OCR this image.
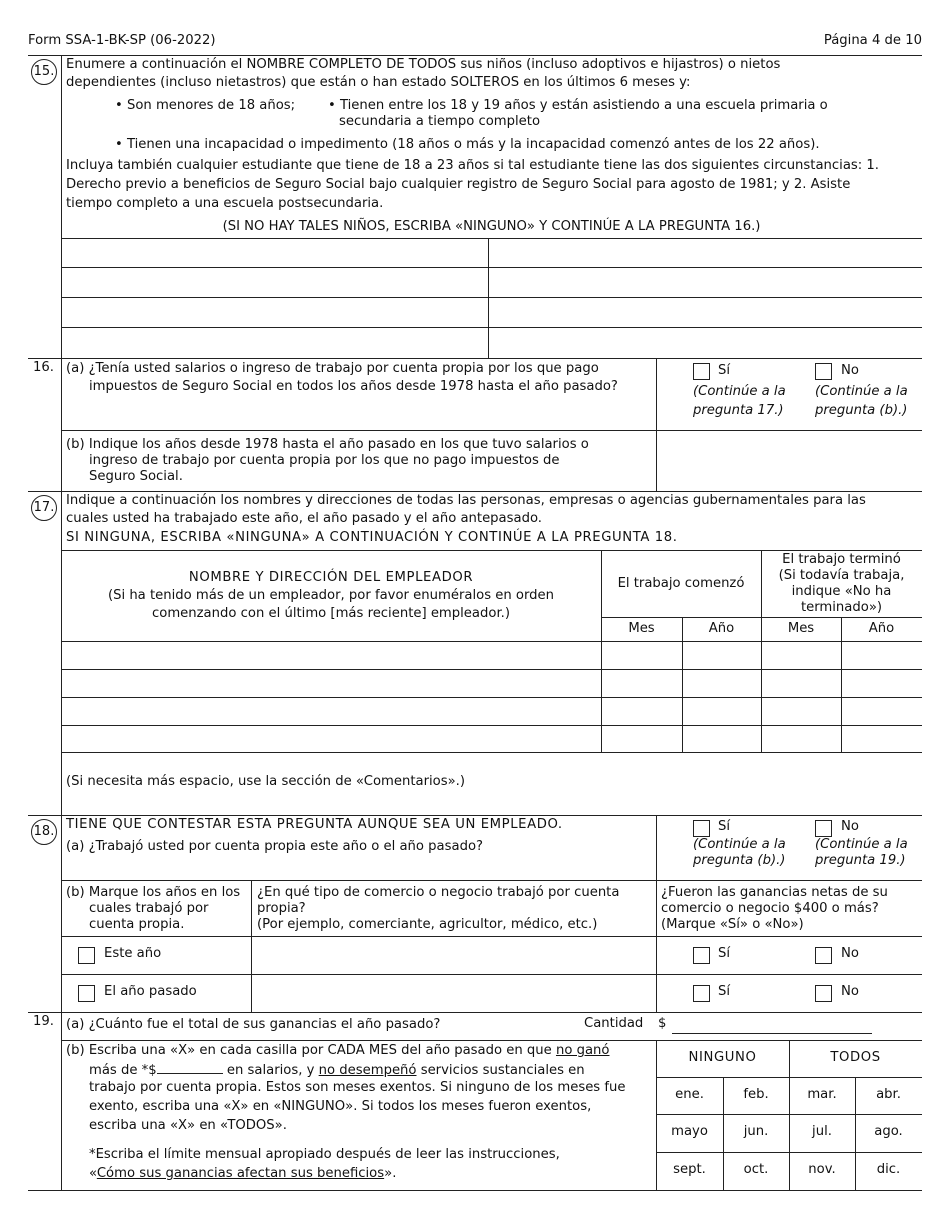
Form SSA-1-BK-SP (06-2022)	Página 4 de 10
15. Enumere a continuación el NOMBRE COMPLETO DE TODOS sus niños (incluso adoptivos e hijastros) o nietos
dependientes (incluso nietastros) que están o han estado SOLTEROS en los últimos 6 meses y:
• Son menores de 18 años; • Tienen entre los 18 y 19 años y están asistiendo a una escuela primaria o
secundaria a tiempo completo
• Tienen una incapacidad o impedimento (18 años o más y la incapacidad comenzó antes de los 22 años).
Incluya también cualquier estudiante que tiene de 18 a 23 años si tal estudiante tiene las dos siguientes circunstancias: 1.
Derecho previo a beneficios de Seguro Social bajo cualquier registro de Seguro Social para agosto de 1981; y 2. Asiste
tiempo completo a una escuela postsecundaria.
(SI NO HAY TALES NIÑOS, ESCRIBA «NINGUNO» Y CONTINÚE A LA PREGUNTA 16.)
16. (a) ¿Tenía usted salarios o ingreso de trabajo por cuenta propia por los que pago
impuestos de Seguro Social en todos los años desde 1978 hasta el año pasado?
Sí	No
(Continúe a la
pregunta 17.)
(Continúe a la
pregunta (b).)
(b) Indique los años desde 1978 hasta el año pasado en los que tuvo salarios o
ingreso de trabajo por cuenta propia por los que no pago impuestos de
Seguro Social.
17. Indique a continuación los nombres y direcciones de todas las personas, empresas o agencias gubernamentales para las
cuales usted ha trabajado este año, el año pasado y el año antepasado.
SI NINGUNA, ESCRIBA «NINGUNA» A CONTINUACIÓN Y CONTINÚE A LA PREGUNTA 18.
NOMBRE Y DIRECCIÓN DEL EMPLEADOR
(Si ha tenido más de un empleador, por favor enuméralos en orden
comenzando con el último [más reciente] empleador.)
El trabajo comenzó
El trabajo terminó
(Si todavía trabaja,
indique «No ha
terminado»)
Mes	Año	Mes	Año
(Si necesita más espacio, use la sección de «Comentarios».)
18. TIENE QUE CONTESTAR ESTA PREGUNTA AUNQUE SEA UN EMPLEADO.
(a) ¿Trabajó usted por cuenta propia este año o el año pasado?
Sí	No
(Continúe a la
pregunta (b).)
(Continúe a la
pregunta 19.)
(b) Marque los años en los
cuales trabajó por
cuenta propia.
¿En qué tipo de comercio o negocio trabajó por cuenta
propia?
(Por ejemplo, comerciante, agricultor, médico, etc.)
¿Fueron las ganancias netas de su
comercio o negocio $400 o más?
(Marque «Sí» o «No»)
Este año	Sí	No
El año pasado	Sí	No
19. (a) ¿Cuánto fue el total de sus ganancias el año pasado?	Cantidad $
(b) Escriba una «X» en cada casilla por CADA MES del año pasado en que no ganó
más de *$	en salarios, y no desempeñó servicios sustanciales en
trabajo por cuenta propia. Estos son meses exentos. Si ninguno de los meses fue
exento, escriba una «X» en «NINGUNO». Si todos los meses fueron exentos,
escriba una «X» en «TODOS».
*Escriba el límite mensual apropiado después de leer las instrucciones,
«Cómo sus ganancias afectan sus beneficios».
NINGUNO	TODOS
ene.	feb.	mar.	abr.
mayo	jun.	jul.	ago.
sept.	oct.	nov.	dic.
